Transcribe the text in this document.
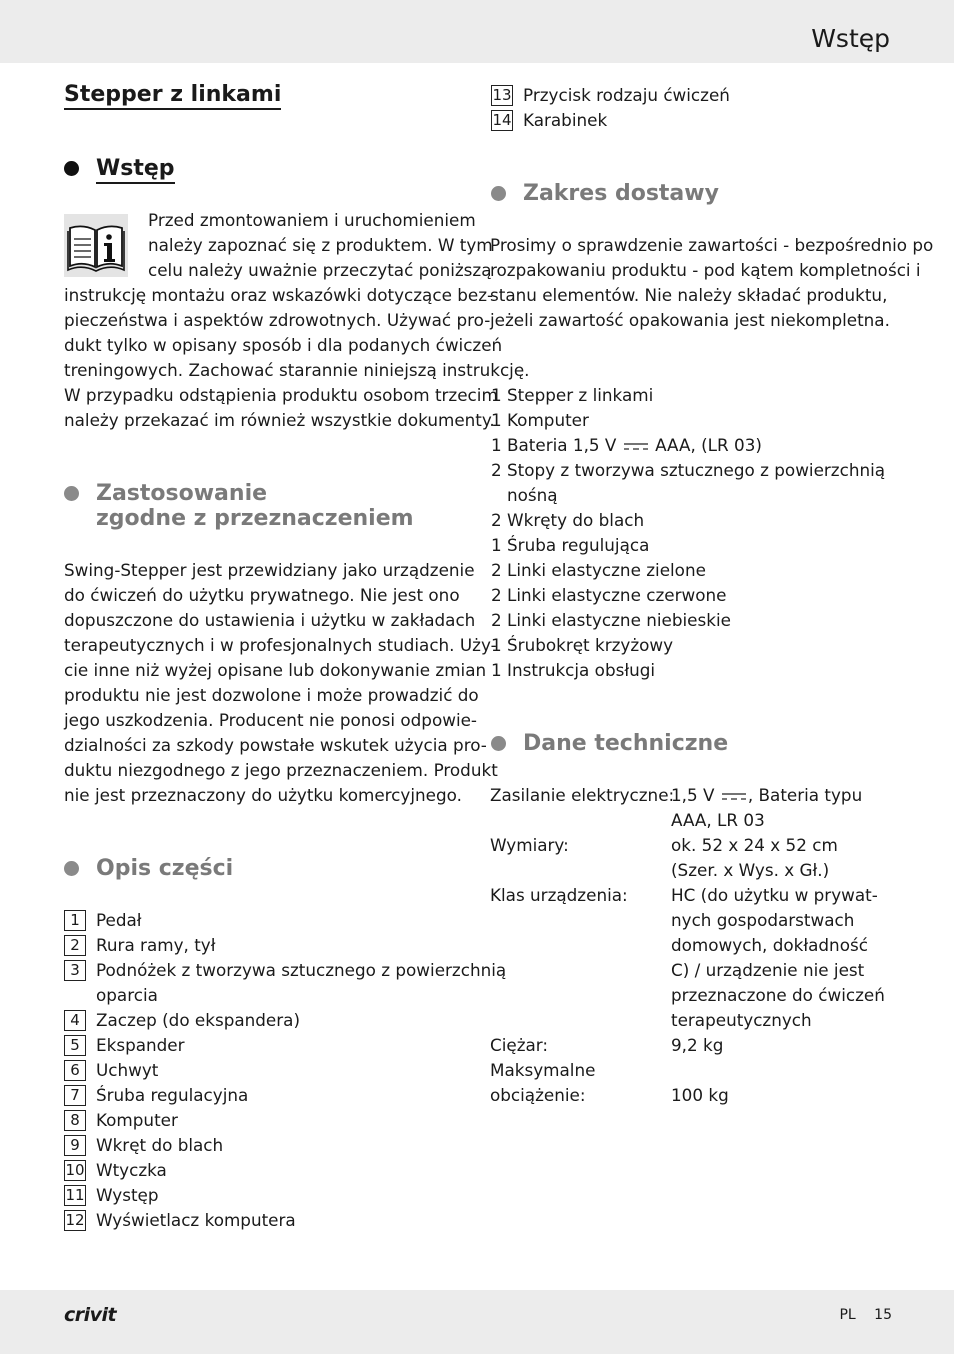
Wstęp
Stepper z linkami
Wstęp
Przed zmontowaniem i uruchomieniem
należy zapoznać się z produktem. W tym
celu należy uważnie przeczytać poniższą
instrukcję montażu oraz wskazówki dotyczące bez-
pieczeństwa i aspektów zdrowotnych. Używać pro-
dukt tylko w opisany sposób i dla podanych ćwiczeń
treningowych. Zachować starannie niniejszą instrukcję.
W przypadku odstąpienia produktu osobom trzecim
należy przekazać im również wszystkie dokumenty.
Zastosowanie
zgodne z przeznaczeniem
Swing-Stepper jest przewidziany jako urządzenie
do ćwiczeń do użytku prywatnego. Nie jest ono
dopuszczone do ustawienia i użytku w zakładach
terapeutycznych i w profesjonalnych studiach. Uży-
cie inne niż wyżej opisane lub dokonywanie zmian
produktu nie jest dozwolone i może prowadzić do
jego uszkodzenia. Producent nie ponosi odpowie-
dzialności za szkody powstałe wskutek użycia pro-
duktu niezgodnego z jego przeznaczeniem. Produkt
nie jest przeznaczony do użytku komercyjnego.
Opis części
1 Pedał
2 Rura ramy, tył
3 Podnóżek z tworzywa sztucznego z powierzchnią
oparcia
4 Zaczep (do ekspandera)
5 Ekspander
6 Uchwyt
7 Śruba regulacyjna
8 Komputer
9 Wkręt do blach
10 Wtyczka
11 Występ
12 Wyświetlacz komputera
13 Przycisk rodzaju ćwiczeń
14 Karabinek
Zakres dostawy
Prosimy o sprawdzenie zawartości - bezpośrednio po
rozpakowaniu produktu - pod kątem kompletności i
stanu elementów. Nie należy składać produktu,
jeżeli zawartość opakowania jest niekompletna.
1 Stepper z linkami
1 Komputer
1 Bateria 1,5 V AAA, (LR 03)
2 Stopy z tworzywa sztucznego z powierzchnią
nośną
2 Wkręty do blach
1 Śruba regulująca
2 Linki elastyczne zielone
2 Linki elastyczne czerwone
2 Linki elastyczne niebieskie
1 Śrubokręt krzyżowy
1 Instrukcja obsługi
Dane techniczne
Zasilanie elektryczne:
1,5 V , Bateria typu
AAA, LR 03
Wymiary:	ok. 52 x 24 x 52 cm
(Szer. x Wys. x Gł.)
Klas urządzenia:	HC (do użytku w prywat-
nych gospodarstwach
domowych, dokładność
C) / urządzenie nie jest
przeznaczone do ćwiczeń
terapeutycznych
Ciężar:	9,2 kg
Maksymalne
obciążenie:	100 kg
crivit	PL 15
